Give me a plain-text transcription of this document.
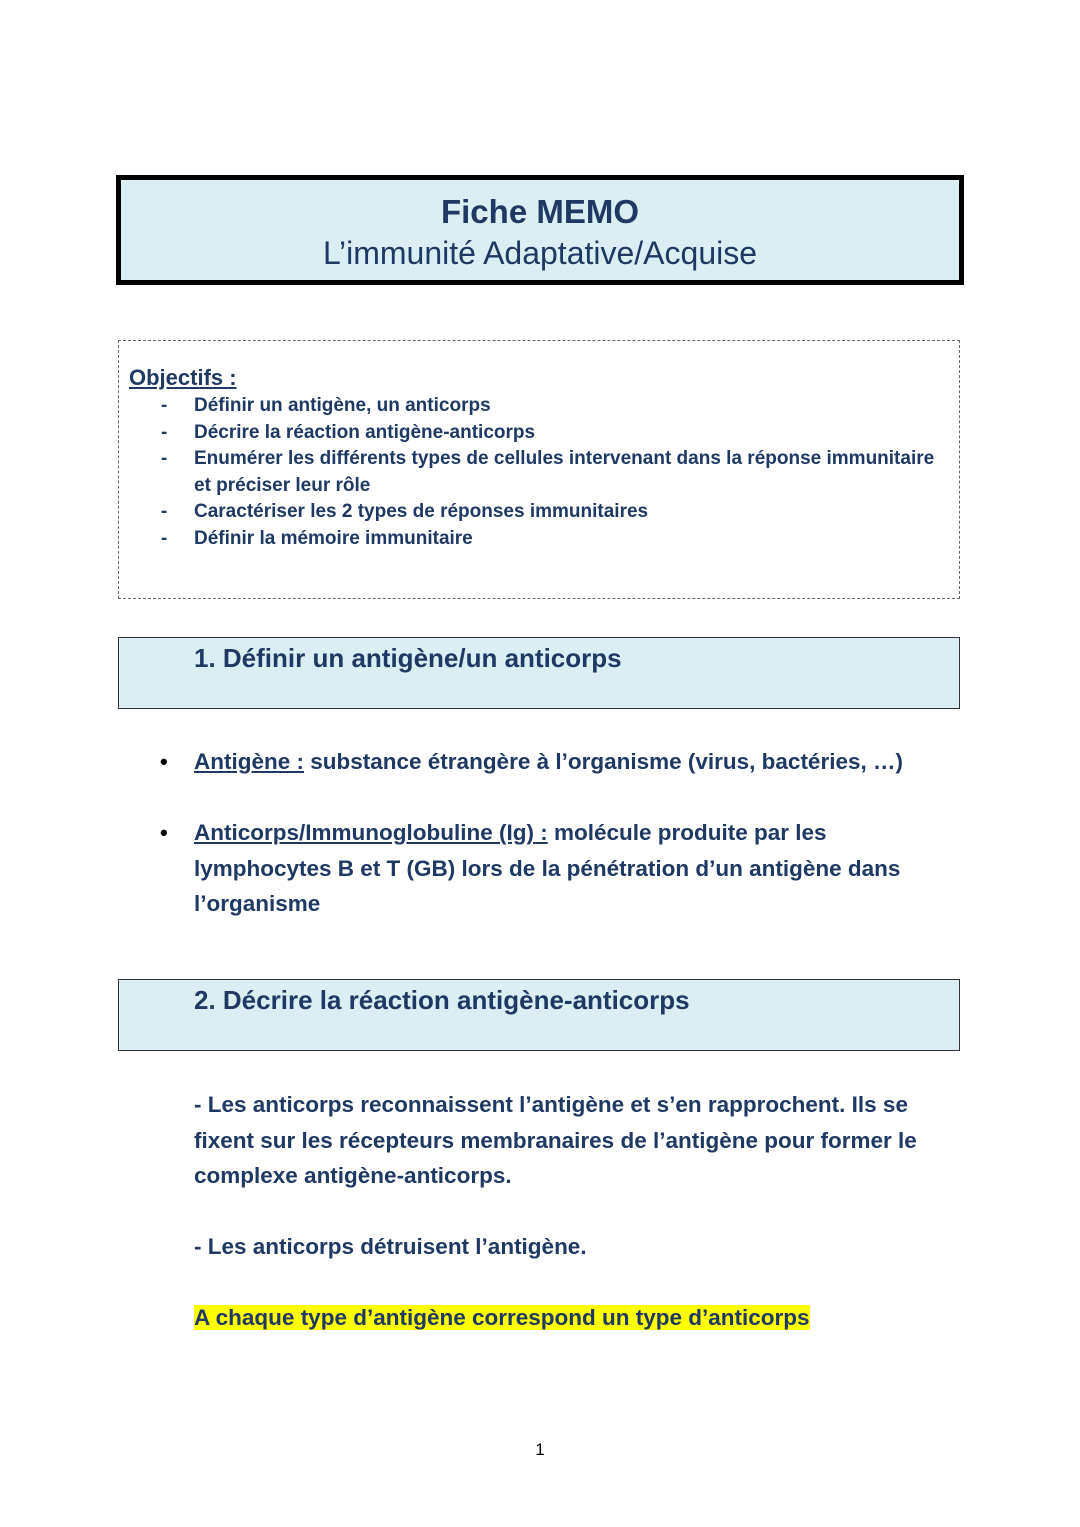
Fiche MEMO
L’immunité Adaptative/Acquise
Objectifs :
- Définir un antigène, un anticorps
- Décrire la réaction antigène-anticorps
- Enumérer les différents types de cellules intervenant dans la réponse immunitaire et préciser leur rôle
- Caractériser les 2 types de réponses immunitaires
- Définir la mémoire immunitaire
1. Définir un antigène/un anticorps
• Antigène : substance étrangère à l’organisme (virus, bactéries, …)
• Anticorps/Immunoglobuline (Ig) : molécule produite par les lymphocytes B et T (GB) lors de la pénétration d’un antigène dans l’organisme
2. Décrire la réaction antigène-anticorps
- Les anticorps reconnaissent l’antigène et s’en rapprochent. Ils se fixent sur les récepteurs membranaires de l’antigène pour former le complexe antigène-anticorps.
- Les anticorps détruisent l’antigène.
A chaque type d’antigène correspond un type d’anticorps
1
